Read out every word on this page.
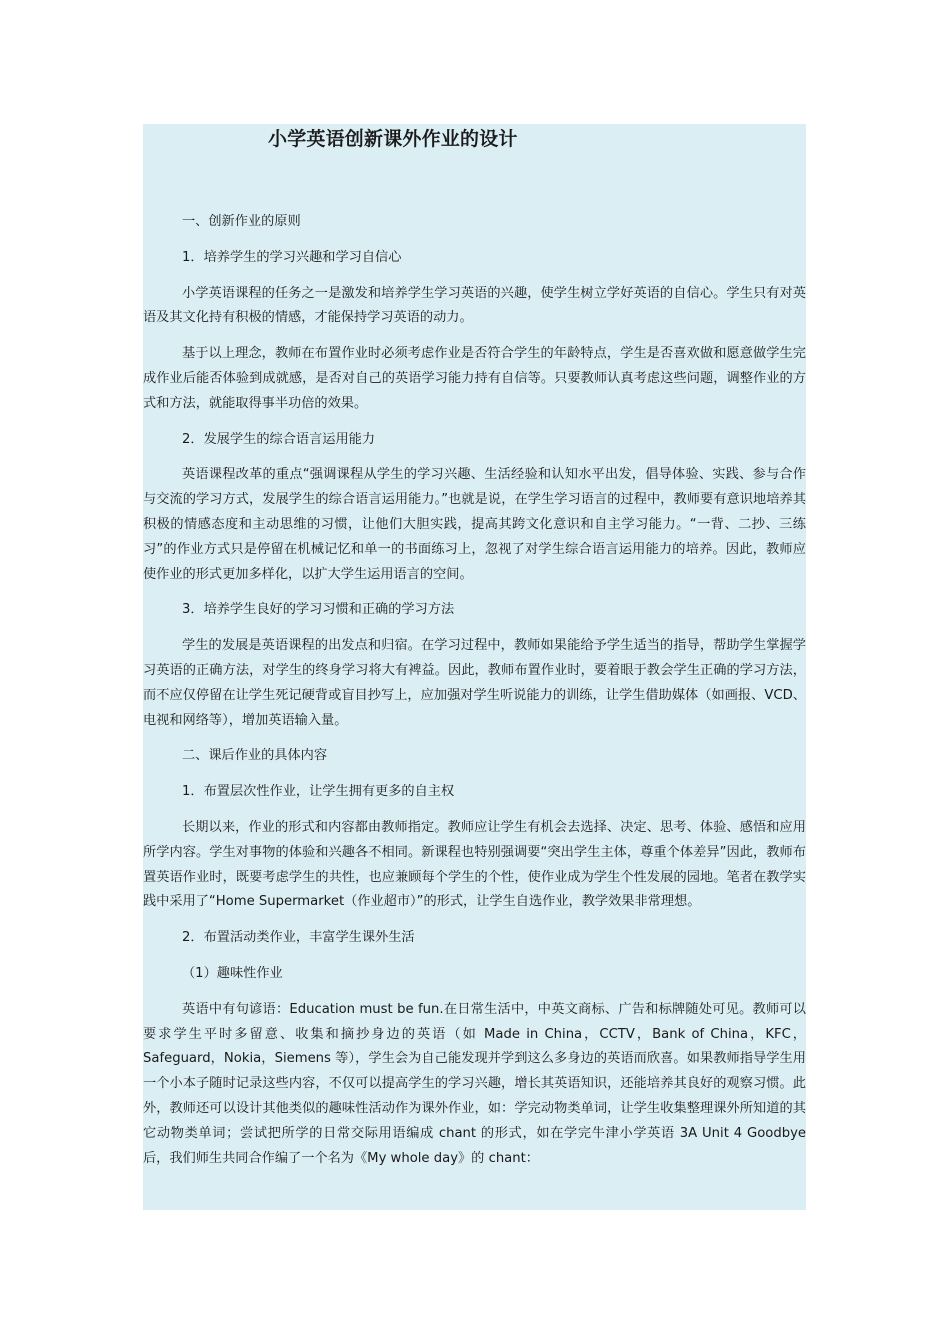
小学英语创新课外作业的设计

一、创新作业的原则

1．培养学生的学习兴趣和学习自信心

小学英语课程的任务之一是激发和培养学生学习英语的兴趣，使学生树立学好英语的自信心。学生只有对英语及其文化持有积极的情感，才能保持学习英语的动力。

基于以上理念，教师在布置作业时必须考虑作业是否符合学生的年龄特点，学生是否喜欢做和愿意做学生完成作业后能否体验到成就感，是否对自己的英语学习能力持有自信等。只要教师认真考虑这些问题，调整作业的方式和方法，就能取得事半功倍的效果。

2．发展学生的综合语言运用能力

英语课程改革的重点“强调课程从学生的学习兴趣、生活经验和认知水平出发，倡导体验、实践、参与合作与交流的学习方式，发展学生的综合语言运用能力。”也就是说，在学生学习语言的过程中，教师要有意识地培养其积极的情感态度和主动思维的习惯，让他们大胆实践，提高其跨文化意识和自主学习能力。“一背、二抄、三练习”的作业方式只是停留在机械记忆和单一的书面练习上，忽视了对学生综合语言运用能力的培养。因此，教师应使作业的形式更加多样化，以扩大学生运用语言的空间。

3．培养学生良好的学习习惯和正确的学习方法

学生的发展是英语课程的出发点和归宿。在学习过程中，教师如果能给予学生适当的指导，帮助学生掌握学习英语的正确方法，对学生的终身学习将大有裨益。因此，教师布置作业时，要着眼于教会学生正确的学习方法，而不应仅停留在让学生死记硬背或盲目抄写上，应加强对学生听说能力的训练，让学生借助媒体（如画报、VCD、电视和网络等），增加英语输入量。

二、课后作业的具体内容

1．布置层次性作业，让学生拥有更多的自主权

长期以来，作业的形式和内容都由教师指定。教师应让学生有机会去选择、决定、思考、体验、感悟和应用所学内容。学生对事物的体验和兴趣各不相同。新课程也特别强调要“突出学生主体，尊重个体差异”因此，教师布置英语作业时，既要考虑学生的共性，也应兼顾每个学生的个性，使作业成为学生个性发展的园地。笔者在教学实践中采用了“Home Supermarket（作业超市）”的形式，让学生自选作业，教学效果非常理想。

2．布置活动类作业，丰富学生课外生活

（1）趣味性作业

英语中有句谚语：Education must be fun.在日常生活中，中英文商标、广告和标牌随处可见。教师可以要求学生平时多留意、收集和摘抄身边的英语（如 Made in China，CCTV，Bank of China，KFC，Safeguard，Nokia，Siemens 等），学生会为自己能发现并学到这么多身边的英语而欣喜。如果教师指导学生用一个小本子随时记录这些内容，不仅可以提高学生的学习兴趣，增长其英语知识，还能培养其良好的观察习惯。此外，教师还可以设计其他类似的趣味性活动作为课外作业，如：学完动物类单词，让学生收集整理课外所知道的其它动物类单词；尝试把所学的日常交际用语编成 chant 的形式，如在学完牛津小学英语 3A Unit 4 Goodbye 后，我们师生共同合作编了一个名为《My whole day》的 chant：
